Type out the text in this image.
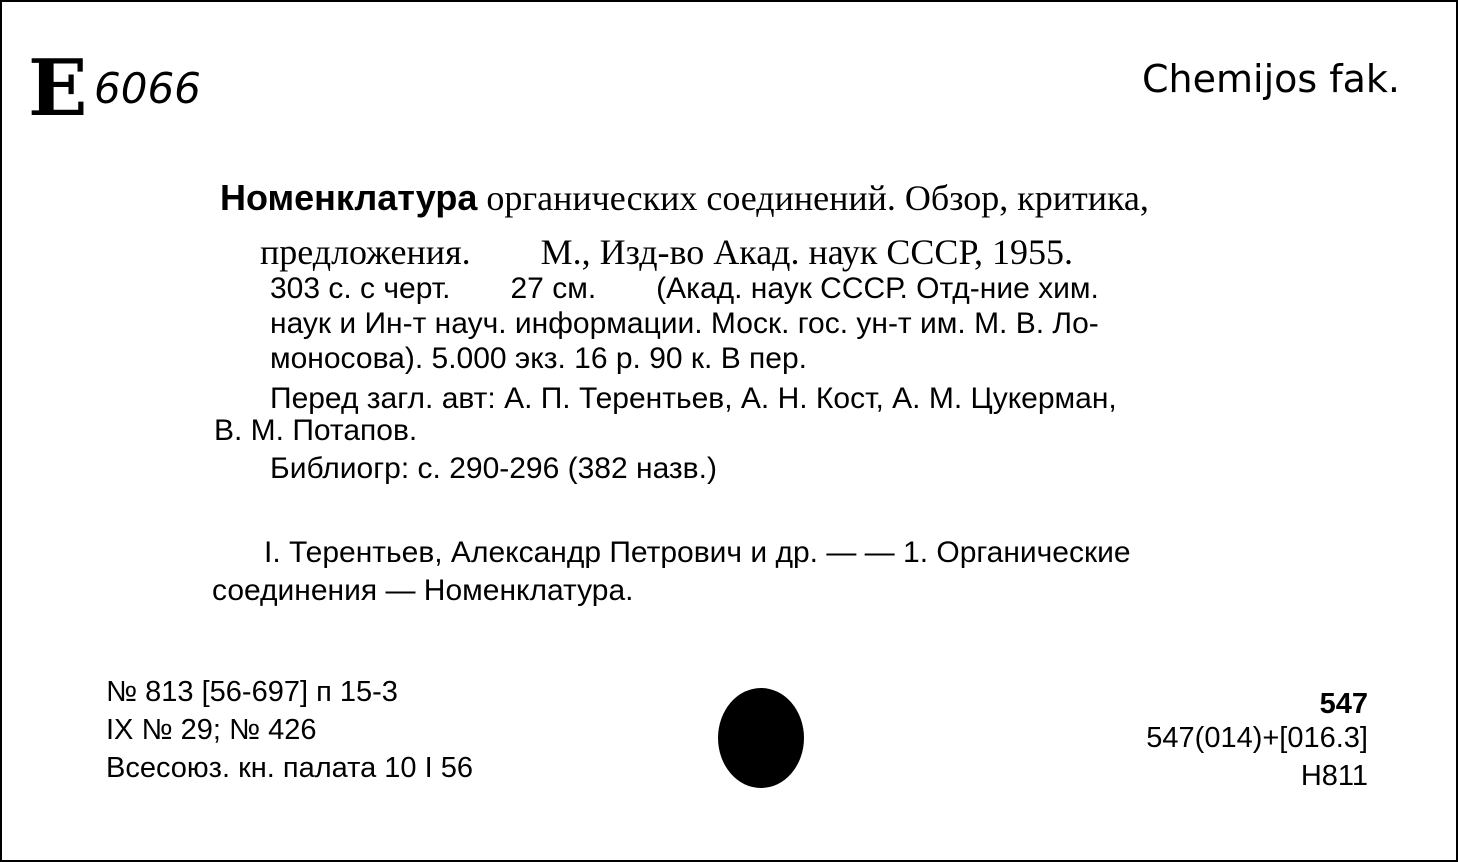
E 6066	Chemijos fak.
Номенклатура органических соединений. Обзор, критика,
предложения. М., Изд-во Акад. наук СССР, 1955.
303 с. с черт. 27 см. (Акад. наук СССР. Отд-ние хим.
наук и Ин-т науч. информации. Моск. гос. ун-т им. М. В. Ло-
моносова). 5.000 экз. 16 р. 90 к. В пер.
Перед загл. авт: А. П. Терентьев, А. Н. Кост, А. М. Цукерман,
В. М. Потапов.
Библиогр: с. 290-296 (382 назв.)
I. Терентьев, Александр Петрович и др. — — 1. Органические
соединения — Номенклатура.
№ 813 [56-697] п 15-3
IX № 29; № 426
Всесоюз. кн. палата 10 I 56
547
547(014)+[016.3]
Н811
